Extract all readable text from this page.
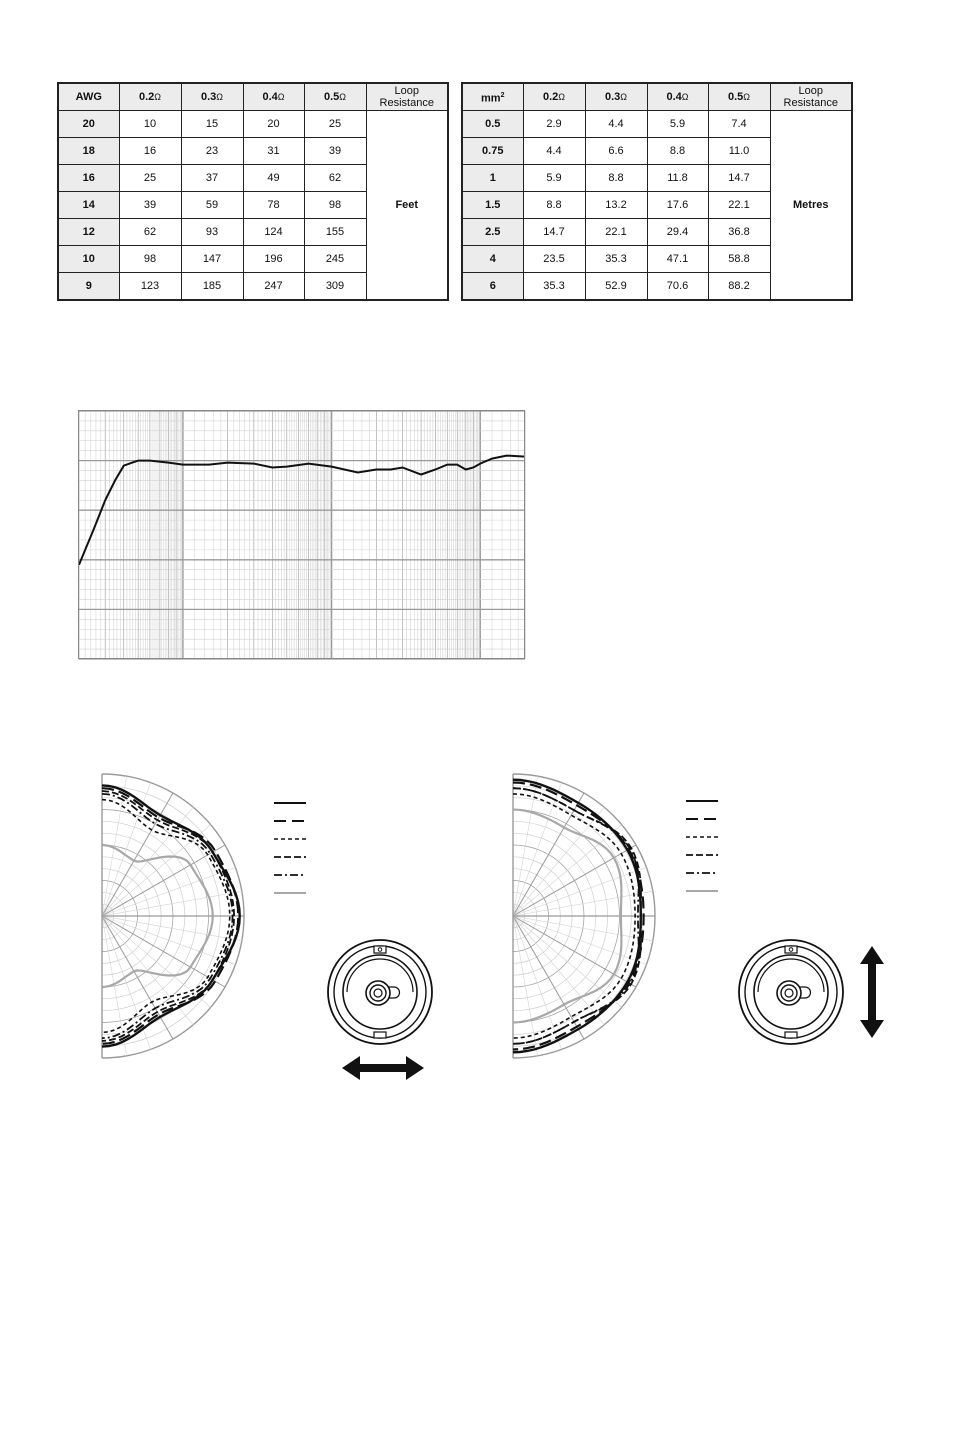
AWG	0.2Ω	0.3Ω	0.4Ω	0.5Ω	Loop Resistance
20	10	15	20	25	Feet
18	16	23	31	39	
16	25	37	49	62	
14	39	59	78	98	
12	62	93	124	155	
10	98	147	196	245	
9	123	185	247	309	
$mm^2$	0.2Ω	0.3Ω	0.4Ω	0.5Ω	Loop Resistance
0.5	2.9	4.4	5.9	7.4	Metres
0.75	4.4	6.6	8.8	11.0	
1	5.9	8.8	11.8	14.7	
1.5	8.8	13.2	17.6	22.1	
2.5	14.7	22.1	29.4	36.8	
4	23.5	35.3	47.1	58.8	
6	35.3	52.9	70.6	88.2	
